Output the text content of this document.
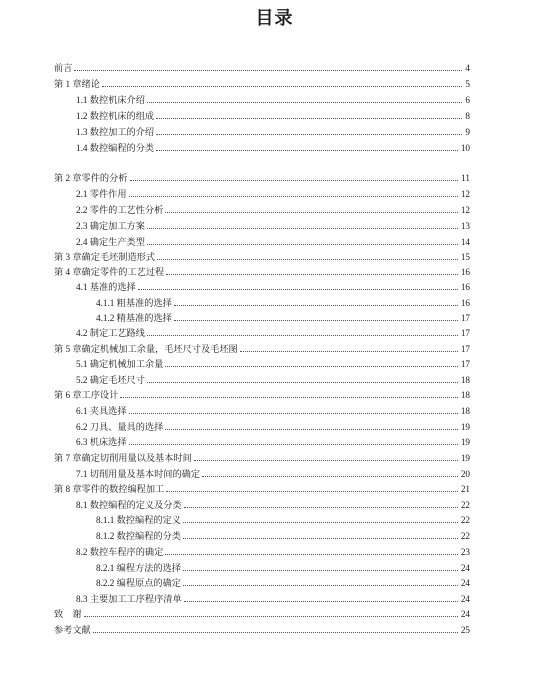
目录
前言	4
第 1 章绪论	5
1.1 数控机床介绍	6
1.2 数控机床的组成	8
1.3 数控加工的介绍	9
1.4 数控编程的分类	10
第 2 章零件的分析	11
2.1 零件作用	12
2.2 零件的工艺性分析	12
2.3 确定加工方案	13
2.4 确定生产类型	14
第 3 章确定毛坯制造形式	15
第 4 章确定零件的工艺过程	16
4.1 基准的选择	16
4.1.1 粗基准的选择	16
4.1.2 精基准的选择	17
4.2 制定工艺路线	17
第 5 章确定机械加工余量，毛坯尺寸及毛坯图	17
5.1 确定机械加工余量	17
5.2 确定毛坯尺寸	18
第 6 章工序设计	18
6.1 夹具选择	18
6.2 刀具、量具的选择	19
6.3 机床选择	19
第 7 章确定切削用量以及基本时间	19
7.1 切削用量及基本时间的确定	20
第 8 章零件的数控编程加工	21
8.1 数控编程的定义及分类	22
8.1.1 数控编程的定义	22
8.1.2 数控编程的分类	22
8.2 数控车程序的确定	23
8.2.1 编程方法的选择	24
8.2.2 编程原点的确定	24
8.3 主要加工工序程序清单	24
致    谢	24
参考文献	25
